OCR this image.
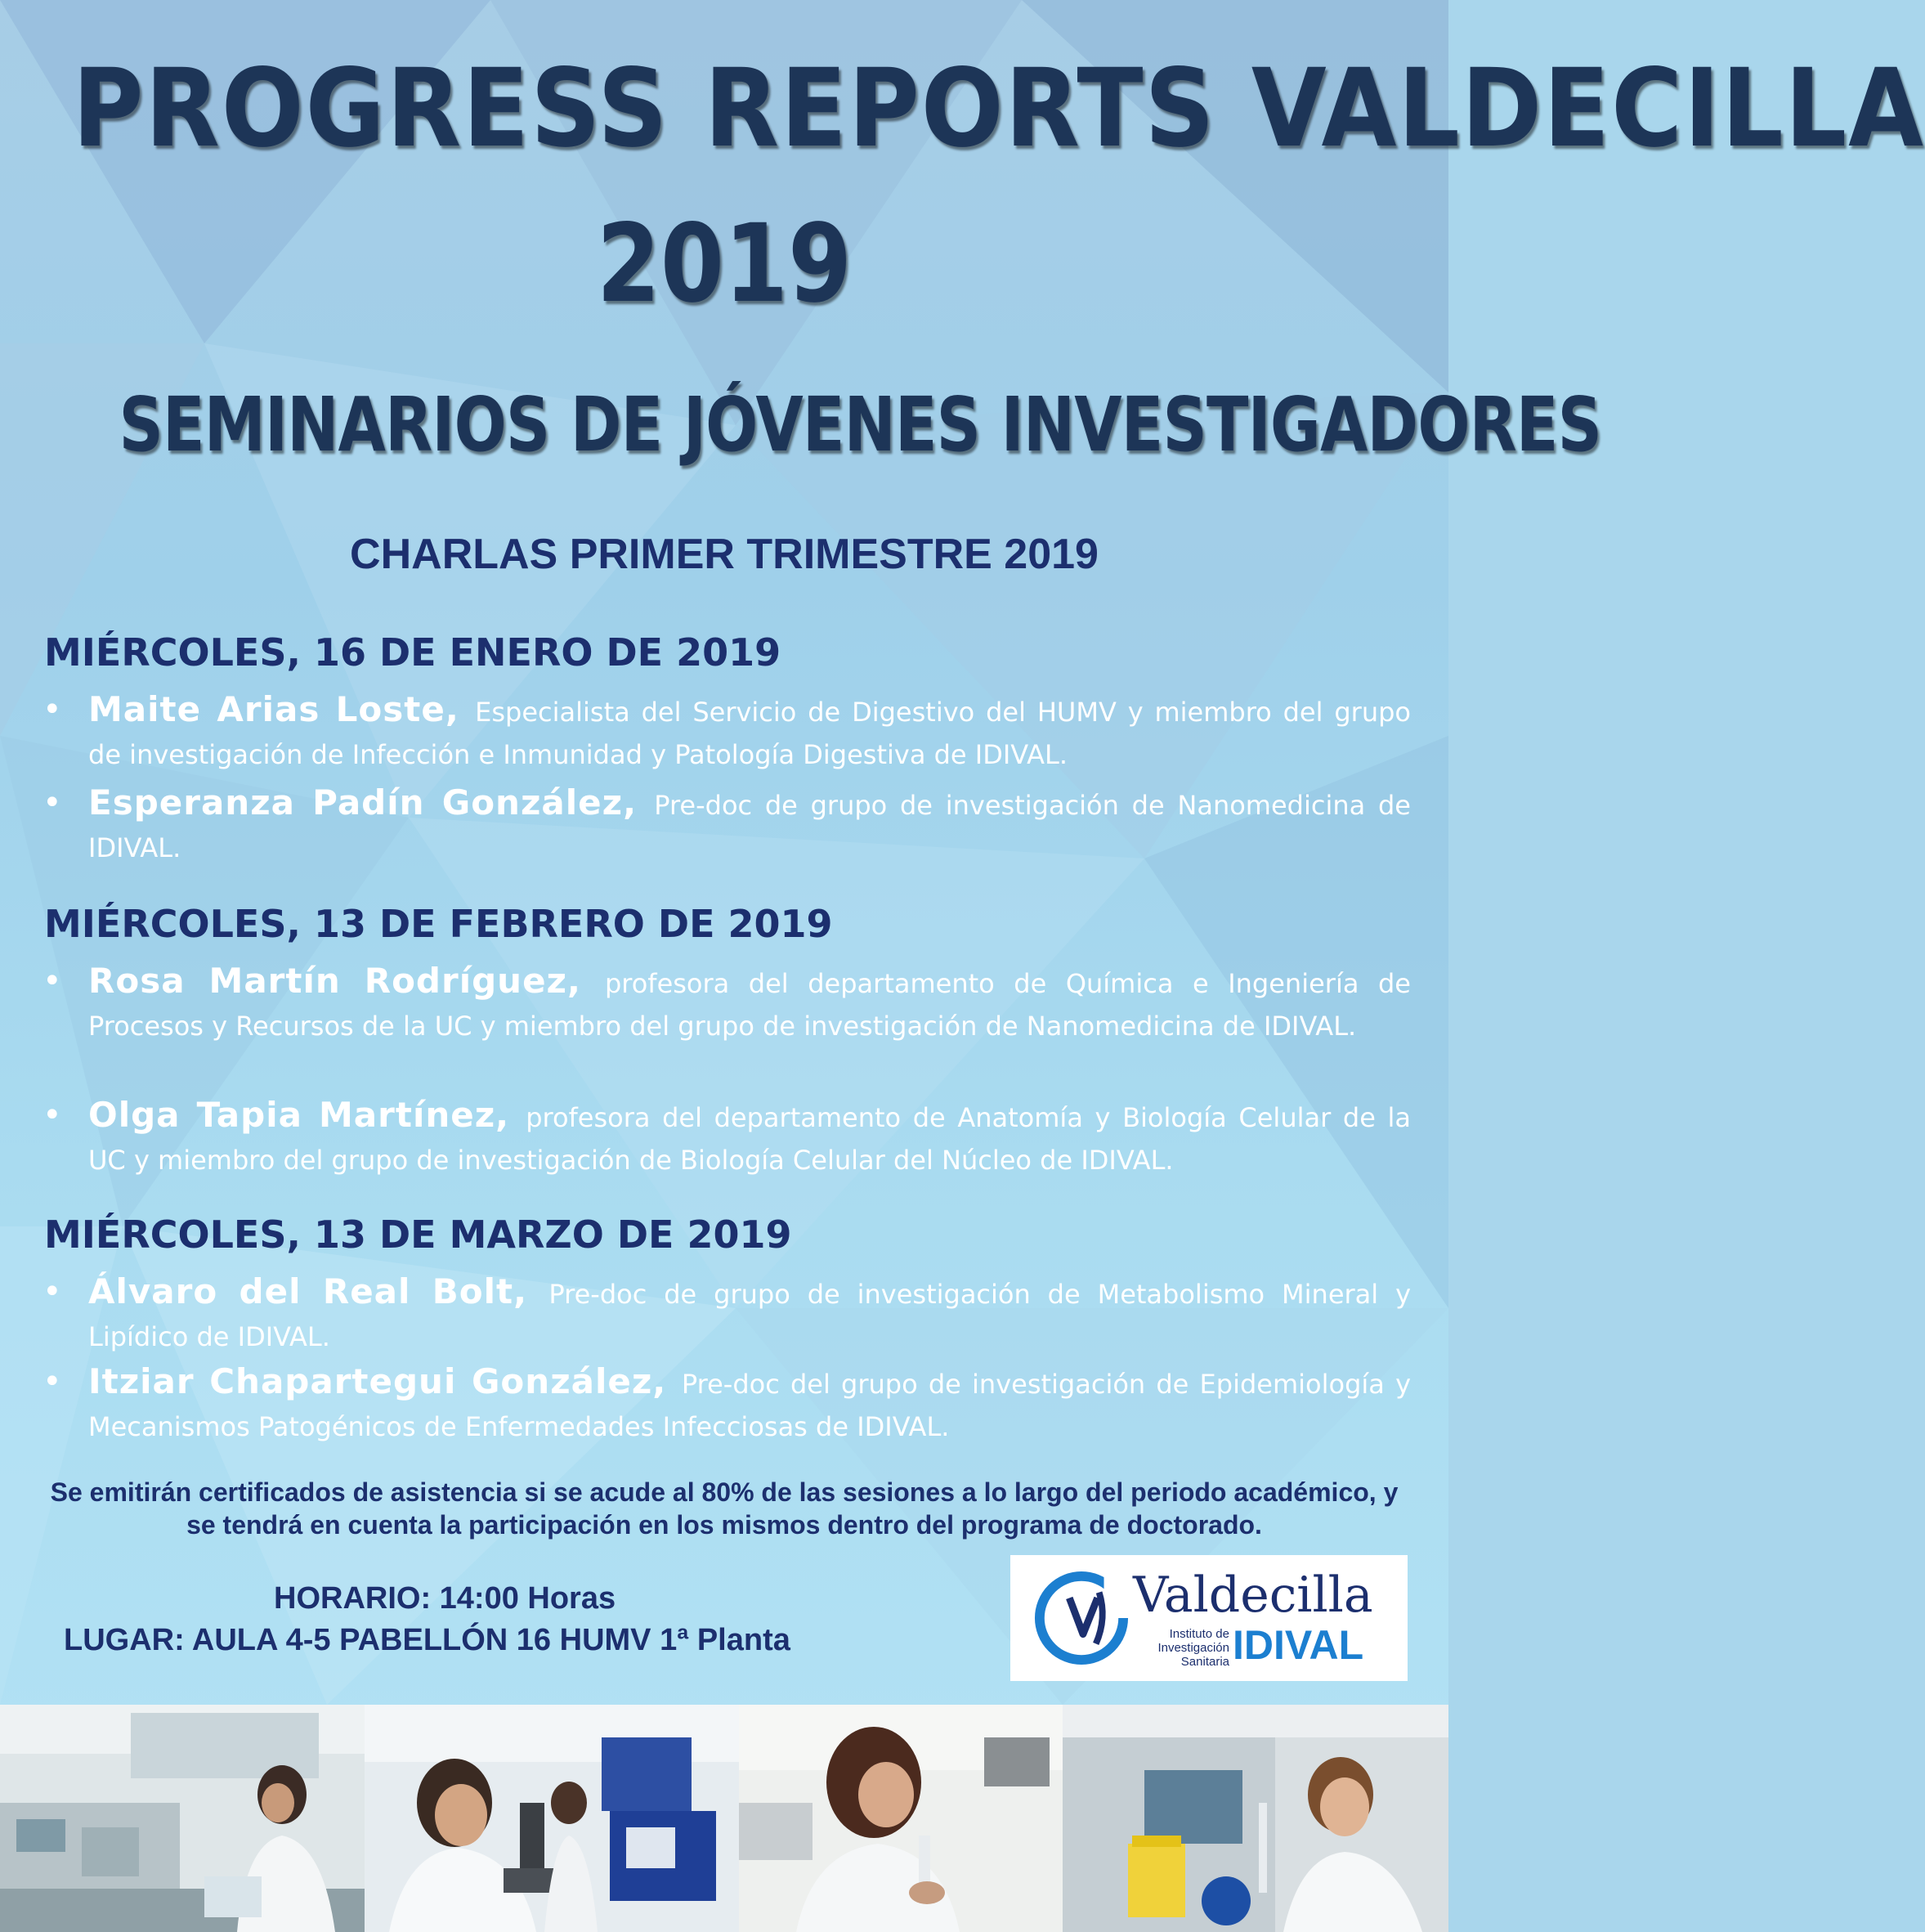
PROGRESS REPORTS VALDECILLA
2019
SEMINARIOS DE JÓVENES INVESTIGADORES
CHARLAS PRIMER TRIMESTRE 2019
MIÉRCOLES, 16 DE ENERO DE 2019
• Maite Arias Loste, Especialista del Servicio de Digestivo del HUMV y miembro del grupo de investigación de Infección e Inmunidad y Patología Digestiva de IDIVAL.
• Esperanza Padín González, Pre-doc de grupo de investigación de Nanomedicina de IDIVAL.
MIÉRCOLES, 13 DE FEBRERO DE 2019
• Rosa Martín Rodríguez, profesora del departamento de Química e Ingeniería de Procesos y Recursos de la UC y miembro del grupo de investigación de Nanomedicina de IDIVAL.
• Olga Tapia Martínez, profesora del departamento de Anatomía y Biología Celular de la UC y miembro del grupo de investigación de Biología Celular del Núcleo de IDIVAL.
MIÉRCOLES, 13 DE MARZO DE 2019
• Álvaro del Real Bolt, Pre-doc de grupo de investigación de Metabolismo Mineral y Lipídico de IDIVAL.
• Itziar Chapartegui González, Pre-doc del grupo de investigación de Epidemiología y Mecanismos Patogénicos de Enfermedades Infecciosas de IDIVAL.
Se emitirán certificados de asistencia si se acude al 80% de las sesiones a lo largo del periodo académico, y se tendrá en cuenta la participación en los mismos dentro del programa de doctorado.
HORARIO: 14:00 Horas
LUGAR: AULA 4-5 PABELLÓN 16 HUMV 1ª Planta
Valdecilla
Instituto de
Investigación
Sanitaria IDIVAL
